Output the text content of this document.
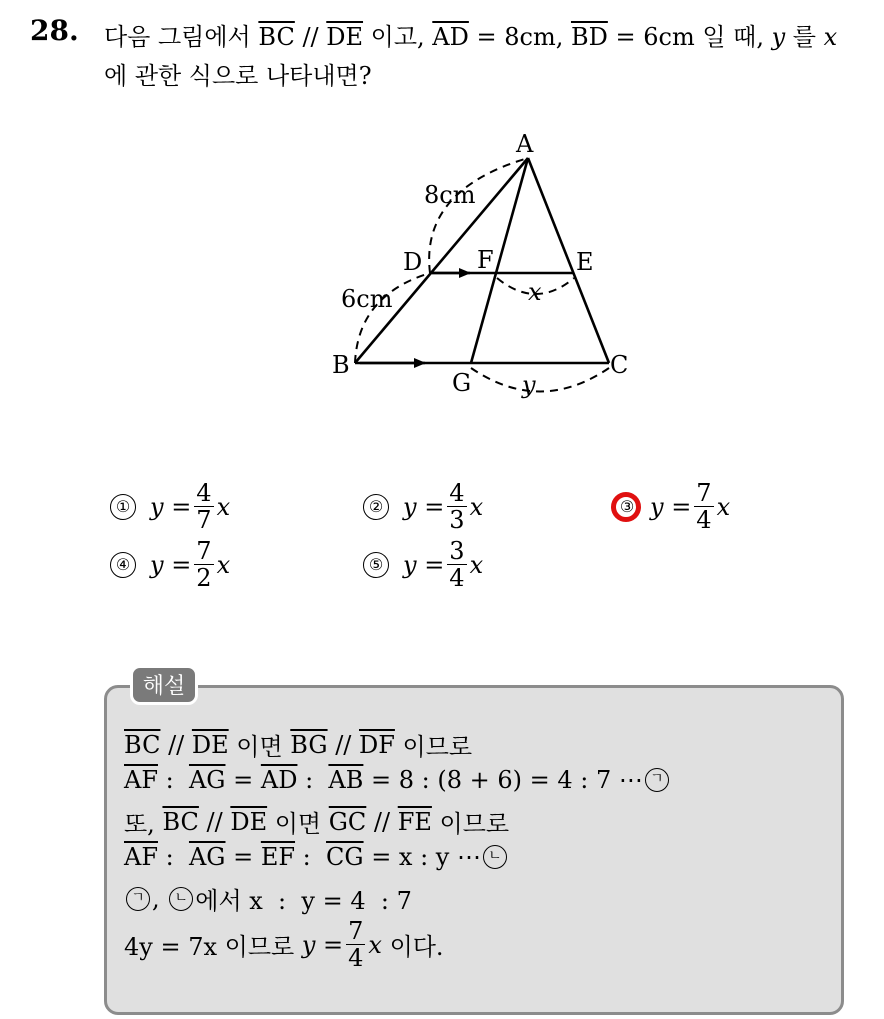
28. 다음 그림에서 $\overline{BC} // \overline{DE}$ 이고, $\overline{AD} = 8cm$, $\overline{BD} = 6cm$ 일 때, y 를 x
에 관한 식으로 나타내면?
A
B	C
D	E
F
G
8cm
6cm	x
y
① $y = \frac{4}{7}$ x	② $y = \frac{4}{3}$ x	③ $y = \frac{7}{4}$ x
④ $y = \frac{7}{2}$ x	⑤ $y = \frac{3}{4}$ x
해설
$\overline{BC} // \overline{DE}$ 이면 $\overline{BG} // \overline{DF}$ 이므로
$\overline{AF}$ : $\overline{AG} = \overline{AD}$ : $\overline{AB} = 8$ : (8 + 6) = 4 : 7 ⋯ ㄱ
또, $\overline{BC} // \overline{DE}$ 이면 $\overline{GC} // \overline{FE}$ 이므로
$\overline{AF}$ : $\overline{AG} = \overline{EF}$ : $\overline{CG} = x$ : y ⋯ ㄴ
ㄱ , ㄴ 에서 x  :  y = 4  : 7
4y = 7x 이므로 $y = \frac{7}{4}$ x 이다.
